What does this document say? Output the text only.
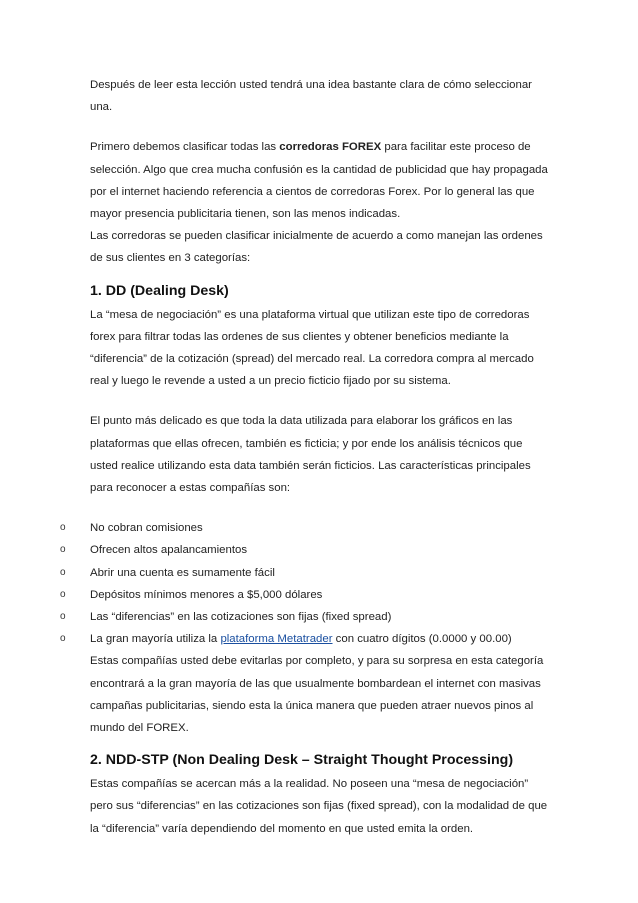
Después de leer esta lección usted tendrá una idea bastante clara de cómo seleccionar una.

Primero debemos clasificar todas las corredoras FOREX para facilitar este proceso de selección. Algo que crea mucha confusión es la cantidad de publicidad que hay propagada por el internet haciendo referencia a cientos de corredoras Forex. Por lo general las que mayor presencia publicitaria tienen, son las menos indicadas.

Las corredoras se pueden clasificar inicialmente de acuerdo a como manejan las ordenes de sus clientes en 3 categorías:

1. DD (Dealing Desk)

La “mesa de negociación” es una plataforma virtual que utilizan este tipo de corredoras forex para filtrar todas las ordenes de sus clientes y obtener beneficios mediante la “diferencia” de la cotización (spread) del mercado real. La corredora compra al mercado real y luego le revende a usted a un precio ficticio fijado por su sistema.

El punto más delicado es que toda la data utilizada para elaborar los gráficos en las plataformas que ellas ofrecen, también es ficticia; y por ende los análisis técnicos que usted realice utilizando esta data también serán ficticios. Las características principales para reconocer a estas compañías son:

o No cobran comisiones
o Ofrecen altos apalancamientos
o Abrir una cuenta es sumamente fácil
o Depósitos mínimos menores a $5,000 dólares
o Las “diferencias” en las cotizaciones son fijas (fixed spread)
o La gran mayoría utiliza la plataforma Metatrader con cuatro dígitos (0.0000 y 00.00)

Estas compañías usted debe evitarlas por completo, y para su sorpresa en esta categoría encontrará a la gran mayoría de las que usualmente bombardean el internet con masivas campañas publicitarias, siendo esta la única manera que pueden atraer nuevos pinos al mundo del FOREX.

2. NDD-STP (Non Dealing Desk – Straight Thought Processing)

Estas compañías se acercan más a la realidad. No poseen una “mesa de negociación” pero sus “diferencias” en las cotizaciones son fijas (fixed spread), con la modalidad de que la “diferencia” varía dependiendo del momento en que usted emita la orden.
